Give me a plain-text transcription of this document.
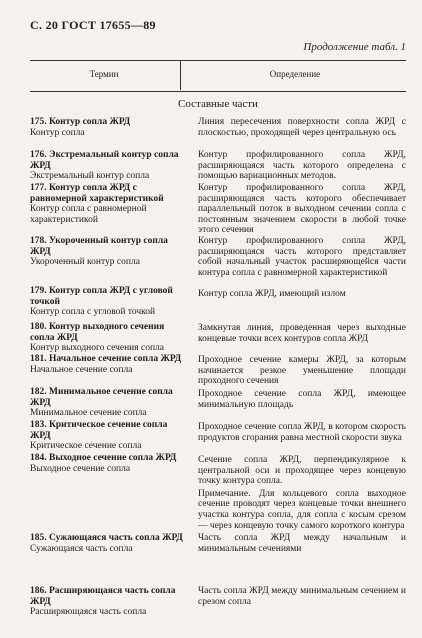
С. 20 ГОСТ 17655—89
Продолжение табл. 1
Термин	Определение
Составные части
175. Контур сопла ЖРД
Контур сопла
Линия пересечения поверхности сопла ЖРД с плоскостью, проходящей через центральную ось
176. Экстремальный контур сопла ЖРД
Экстремальный контур сопла
Контур профилированного сопла ЖРД, расширяющаяся часть которого определена с помощью вариационных методов.
177. Контур сопла ЖРД с равномерной характеристикой
Контур сопла с равномерной характеристикой
Контур профилированного сопла ЖРД, расширяющаяся часть которого обеспечивает параллельный поток в выходном сечении сопла с постоянным значением скорости в любой точке этого сечения
178. Укороченный контур сопла ЖРД
Укороченный контур сопла
Контур профилированного сопла ЖРД, расширяющаяся часть которого представляет собой начальный участок расширяющейся части контура сопла с равномерной характеристикой
179. Контур сопла ЖРД с угловой точкой
Контур сопла с угловой точкой
Контур сопла ЖРД, имеющий излом
180. Контур выходного сечения сопла ЖРД
Контур выходного сечения сопла
Замкнутая линия, проведенная через выходные концевые точки всех контуров сопла ЖРД
181. Начальное сечение сопла ЖРД
Начальное сечение сопла
Проходное сечение камеры ЖРД, за которым начинается резкое уменьшение площади проходного сечения
182. Минимальное сечение сопла ЖРД
Минимальное сечение сопла
Проходное сечение сопла ЖРД, имеющее минимальную площадь
183. Критическое сечение сопла ЖРД
Критическое сечение сопла
Проходное сечение сопла ЖРД, в котором скорость продуктов сгорания равна местной скорости звука
184. Выходное сечение сопла ЖРД
Выходное сечение сопла
Сечение сопла ЖРД, перпендикулярное к центральной оси и проходящее через концевую точку контура сопла.
Примечание. Для кольцевого сопла выходное сечение проводят через концевые точки внешнего участка контура сопла, для сопла с косым срезом — через концевую точку самого короткого контура
185. Сужающаяся часть сопла ЖРД
Сужающаяся часть сопла
Часть сопла ЖРД между начальным и минимальным сечениями
186. Расширяющаяся часть сопла ЖРД
Расширяющаяся часть сопла
Часть сопла ЖРД между минимальным сечением и срезом сопла
